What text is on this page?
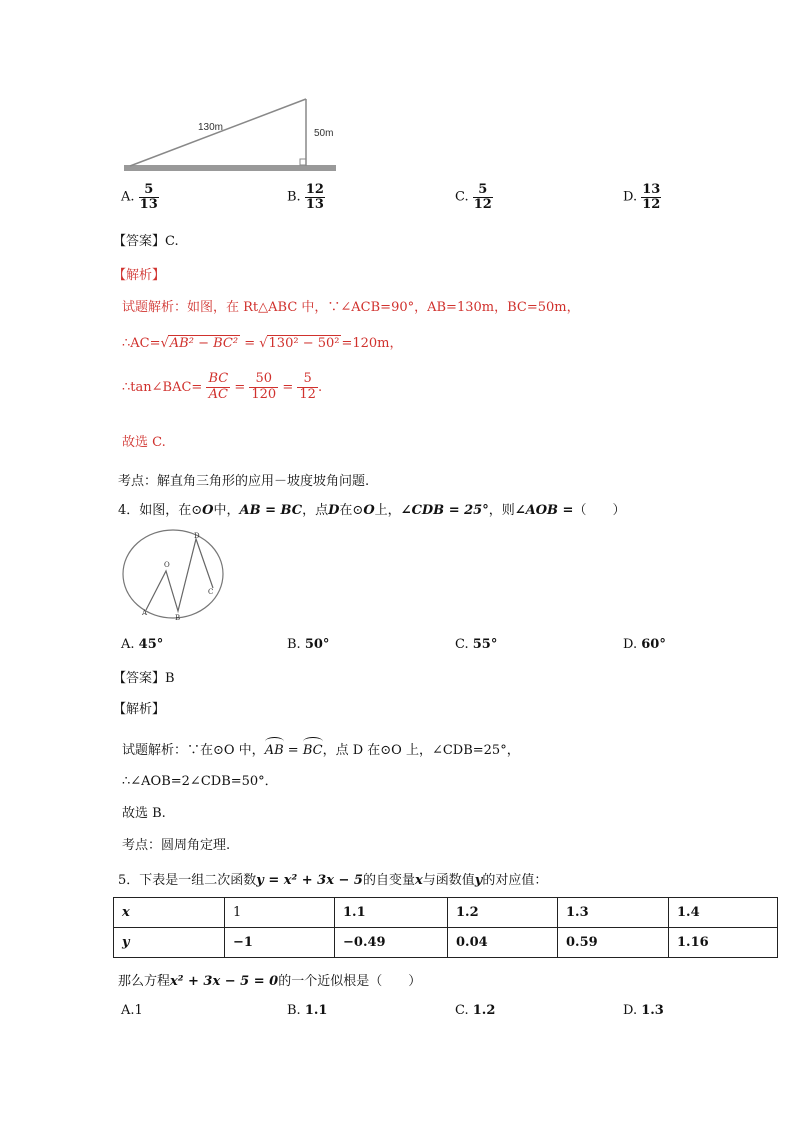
130m
50m
A. $\frac{5}{13}$	B. $\frac{12}{13}$	C. $\frac{5}{12}$	D. $\frac{13}{12}$
【答案】C.
【解析】
试题解析：如图，在 Rt△ABC 中，∵∠ACB=90°，AB=130m，BC=50m，
∴AC=√AB² − BC² = √130² − 50² =120m，
∴tan∠BAC= $\frac{BC}{AC} = \frac{50}{120} = \frac{5}{12}$ .
故选 C.
考点：解直角三角形的应用－坡度坡角问题.
4．如图，在⊙O中，AB = BC，点D在⊙O上，∠CDB = 25°，则∠AOB =（　　）
D
O
C
A
B
A. 45°	B. 50°	C. 55°	D. 60°
【答案】B
【解析】
试题解析：∵在⊙O 中，AB = BC，点 D 在⊙O 上，∠CDB=25°，
∴∠AOB=2∠CDB=50°．
故选 B.
考点：圆周角定理.
5．下表是一组二次函数y = x² + 3x − 5的自变量x与函数值y的对应值：
x	1	1.1	1.2	1.3	1.4
y	−1	−0.49	0.04	0.59	1.16
那么方程x² + 3x − 5 = 0的一个近似根是（　　）
A.1	B. 1.1	C. 1.2	D. 1.3
